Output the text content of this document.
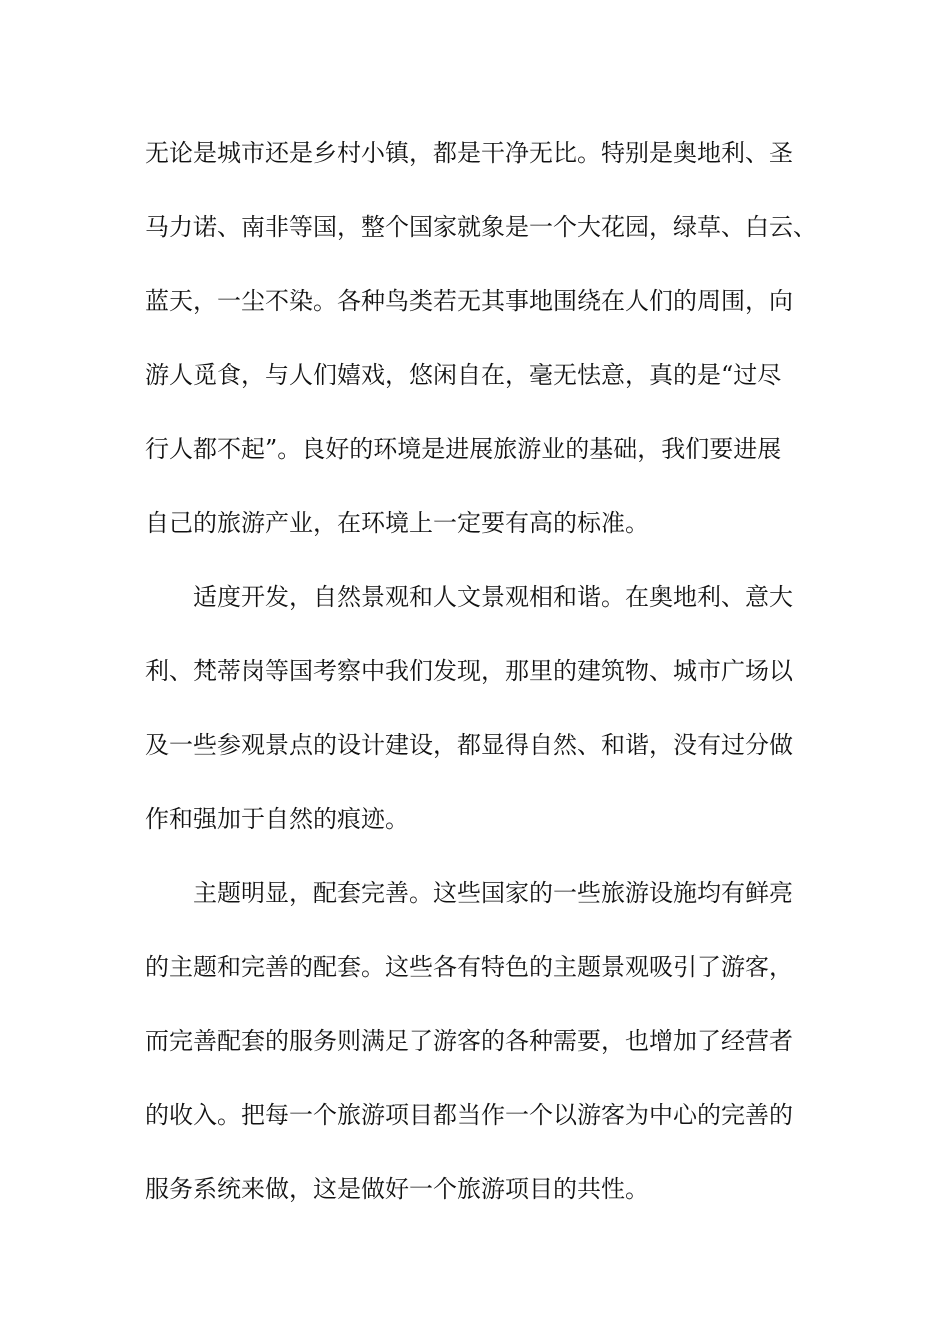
无论是城市还是乡村小镇，都是干净无比。特别是奥地利、圣

马力诺、南非等国，整个国家就象是一个大花园，绿草、白云、

蓝天，一尘不染。各种鸟类若无其事地围绕在人们的周围，向

游人觅食，与人们嬉戏，悠闲自在，毫无怯意，真的是“过尽

行人都不起”。良好的环境是进展旅游业的基础，我们要进展

自己的旅游产业，在环境上一定要有高的标准。

适度开发，自然景观和人文景观相和谐。在奥地利、意大

利、梵蒂岗等国考察中我们发现，那里的建筑物、城市广场以

及一些参观景点的设计建设，都显得自然、和谐，没有过分做

作和强加于自然的痕迹。

主题明显，配套完善。这些国家的一些旅游设施均有鲜亮

的主题和完善的配套。这些各有特色的主题景观吸引了游客，

而完善配套的服务则满足了游客的各种需要，也增加了经营者

的收入。把每一个旅游项目都当作一个以游客为中心的完善的

服务系统来做，这是做好一个旅游项目的共性。
